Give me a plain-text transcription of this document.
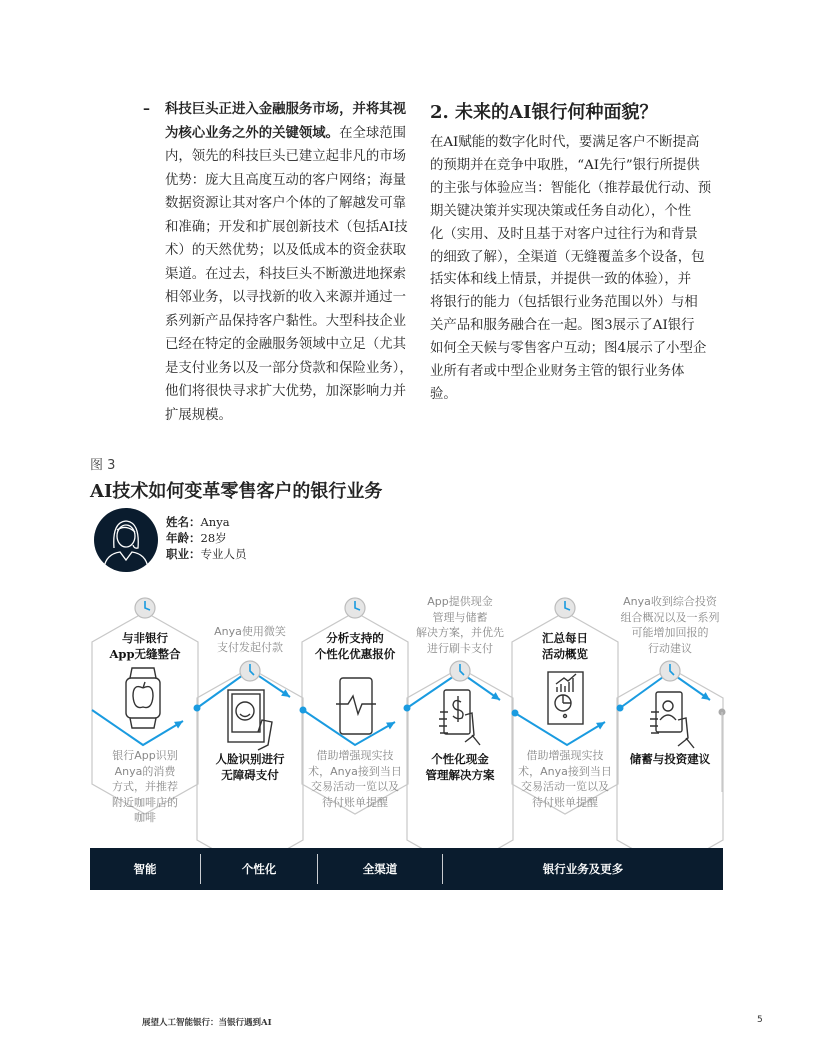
– 科技巨头正进入金融服务市场，并将其视
为核心业务之外的关键领域。在全球范围
内，领先的科技巨头已建立起非凡的市场
优势：庞大且高度互动的客户网络；海量
数据资源让其对客户个体的了解越发可靠
和准确；开发和扩展创新技术（包括AI技
术）的天然优势；以及低成本的资金获取
渠道。在过去，科技巨头不断激进地探索
相邻业务，以寻找新的收入来源并通过一
系列新产品保持客户黏性。大型科技企业
已经在特定的金融服务领域中立足（尤其
是支付业务以及一部分贷款和保险业务），
他们将很快寻求扩大优势，加深影响力并
扩展规模。
2. 未来的AI银行何种面貌？
在AI赋能的数字化时代，要满足客户不断提高
的预期并在竞争中取胜，“AI先行”银行所提供
的主张与体验应当：智能化（推荐最优行动、预
期关键决策并实现决策或任务自动化），个性
化（实用、及时且基于对客户过往行为和背景
的细致了解），全渠道（无缝覆盖多个设备，包
括实体和线上情景，并提供一致的体验），并
将银行的能力（包括银行业务范围以外）与相
关产品和服务融合在一起。图3展示了AI银行
如何全天候与零售客户互动；图4展示了小型企
业所有者或中型企业财务主管的银行业务体
验。
图 3
AI技术如何变革零售客户的银行业务
姓名：Anya
年龄：28岁
职业：专业人员
与非银行
App无缝整合
银行App识别
Anya的消费
方式，并推荐
附近咖啡店的
咖啡
Anya使用微笑
支付发起付款
人脸识别进行
无障碍支付
分析支持的
个性化优惠报价
借助增强现实技
术，Anya接到当日
交易活动一览以及
待付账单提醒
App提供现金
管理与储蓄
解决方案，并优先
进行刷卡支付
个性化现金
管理解决方案
汇总每日
活动概览
借助增强现实技
术，Anya接到当日
交易活动一览以及
待付账单提醒
Anya收到综合投资
组合概况以及一系列
可能增加回报的
行动建议
储蓄与投资建议
智能	个性化	全渠道	银行业务及更多
展望人工智能银行：当银行遇到AI	5
